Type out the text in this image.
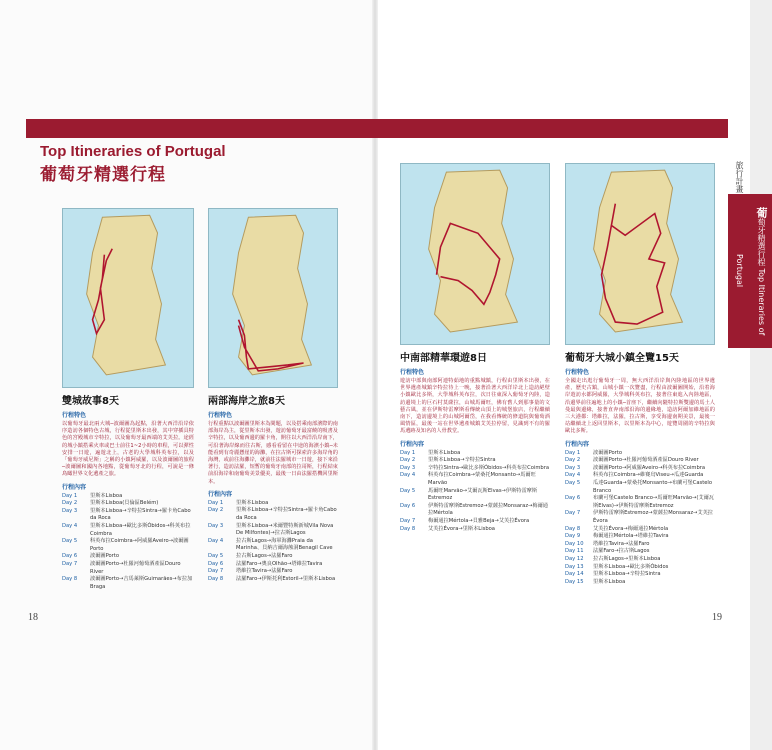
Top Itineraries of Portugal
葡萄牙精選行程	旅行計畫
葡萄牙精選行程 Top Itineraries of Portugal
雙城故事8天
行程特色
以葡萄牙最北兩大城─波爾圖為起點，沿著大西洋沿岸依序造訪各個特色古城，行程從里斯本出發，其中穿插具特色的宮殿城市辛特拉，以及葡萄牙最西端的艾芙拉。途經的城小鎮搭乘火車或巴士前往1~2小時的車程，可以彈性安排一日遊，遍遊北上，古老的大學城科英布拉，以及「葡萄牙威尼斯」之稱的小鎮阿威羅，以及波爾圖的旅程─波爾圖和國內各地點，從葡萄牙北的行程，可說是一條鳥瞰世界文化遺產之旅。
行程內容
Day 1	里斯本Lisboa
Day 2	里斯本Lisboa(貝倫區Belém)
Day 3	里斯本Lisboa→辛特拉Sintra→羅卡角Cabo da Roca
Day 4	里斯本Lisboa→歐比多斯Óbidos→科英布拉Coimbra
Day 5	科英布拉Coimbra→阿威羅Aveiro→波爾圖Porto
Day 6	波爾圖Porto
Day 7	波爾圖Porto→杜羅河葡萄酒產區Douro River
Day 8	波爾圖Porto→吉馬萊斯Guimarães→布拉加Braga
兩部海岸之旅8天
行程特色
行程重點以波爾圖里斯本為間題，以及搭乘南部濱際的南部海岸為主，從里斯本出發，遊訪葡萄牙最富饒的吸書及辛特拉，以及葡西邊的羅卡角，開往以大西洋沿岸南下，可沿著海岸線而往古斯，感看看留在中途的海濱小鎮─未能看到有奇麗懸崖的海灘，在拉古斯可探索許多海岸角的海灣，或前往海灘岸，就前往法羅城市一日遊，接下來沿著行，造訪法羅，短暫的葡萄牙南部的拉哥斯，行程結束前沿海岸和南葡萄美景優美，最後一日由法羅搭機回里斯本。
行程內容
Day 1	里斯本Lisboa
Day 2	里斯本Lisboa→辛特拉Sintra→羅卡角Cabo da Roca
Day 3	里斯本Lisboa→米爾豐特斯新城Vila Nova De Milfontes)→拉古斯Lagos
Day 4	拉古斯Lagos→海軍海灘Praia da Marinha、貝納吉爾海蝕洞Benagil Cave
Day 5	拉古斯Lagos→法羅Faro
Day 6	法羅Faro→奧良Olhão→塔維拉Tavira
Day 7	塔維拉Tavira→法羅Faro
Day 8	法羅Faro→伊斯托利Estoril→里斯本Lisboa
中南部精華環遊8日
行程特色
遊訪中部與南部阿連特茹地的重點城鎮，行程由里斯本出發，在世界遺產城鎮辛特拉待上一晚，接著沿著大西洋岸北上造訪絕壁小鎮歐比多斯，大學城科英布拉，次日往東深入葡萄牙內陸，造訪邊境上的巨石村莫薩拉，山城馬爾旺，佛有舊人到那事量的文藝古風，並在伊斯特雷摩斯看傳統山頂上的城堡旅店，行程繼續南下，造訪邊境上的山城阿爾岱，在我看傳統的修道院與葡萄酒風情區，最後一站在世界遺產城鎮艾芙拉停留，見識到不有的羅馬遺跡及知名的人骨教堂。
行程內容
Day 1	里斯本Lisboa
Day 2	里斯本Lisboa→辛特拉Sintra
Day 3	辛特拉Sintra→歐比多斯Óbidos→科英布拉Coimbra
Day 4	科英布拉Coimbra→蒙桑托Monsanto→馬爾旺Marvão
Day 5	馬爾旺Marvão→艾爾瓦斯Elvas→伊斯特雷摩斯Estremoz
Day 6	伊斯特雷摩斯Estremoz→蒙薩拉Monsaraz→梅爾通拉Mértola
Day 7	梅爾通拉Mértola→貝雅Beja→艾芙拉Évora
Day 8	艾芙拉Évora→里斯本Lisboa
葡萄牙大城小鎮全覽15天
行程特色
全國走出逛行葡萄牙一周，無大西洋沿岸與內陸地區的世界遺產，歷史古鎮，山城小鎮一次覽盡，行程由波爾圖開始，沿着海岸遊訪水都阿威羅，大學城科英布拉，接著往東進入內陸地區，沿邊界前往遍地上的小鎮─首座下，繼續向隨特拉斯雙邊的馬土人曼最與邊緣，接著直奔南部沿海的邊緣地，造訪阿爾加維地區的三大港都：塔維拉，法羅，拉古斯，享受海邊南期美景，最後一站繼續北上返回里斯本，以里斯本為中心，遊覽周圍的辛特拉與歐比多斯。
行程內容
Day 1	波爾圖Porto
Day 2	波爾圖Porto→杜羅河葡萄酒產區Douro River
Day 3	波爾圖Porto→阿威羅Aveiro→科英布拉Coimbra
Day 4	科英布拉Coimbra→維賽烏Viseu→瓜達Guarda
Day 5	瓜達Guarda→蒙桑托Monsanto→布蘭可堡Castelo Branco
Day 6	布蘭可堡Castelo Branco→馬爾旺Marvão→(艾爾瓦斯Elvas)→伊斯特雷摩斯Estremoz
Day 7	伊斯特雷摩斯Estremoz→蒙薩拉Monsaraz→艾芙拉Évora
Day 8	艾芙拉Évora→梅爾通拉Mértola
Day 9	梅爾通拉Mértola→塔維拉Tavira
Day 10	塔維拉Tavira→法羅Faro
Day 11	法羅Faro→拉古斯Lagos
Day 12	拉古斯Lagos→里斯本Lisboa
Day 13	里斯本Lisboa→歐比多斯Óbidos
Day 14	里斯本Lisboa→辛特拉Sintra
Day 15	里斯本Lisboa
18	19
